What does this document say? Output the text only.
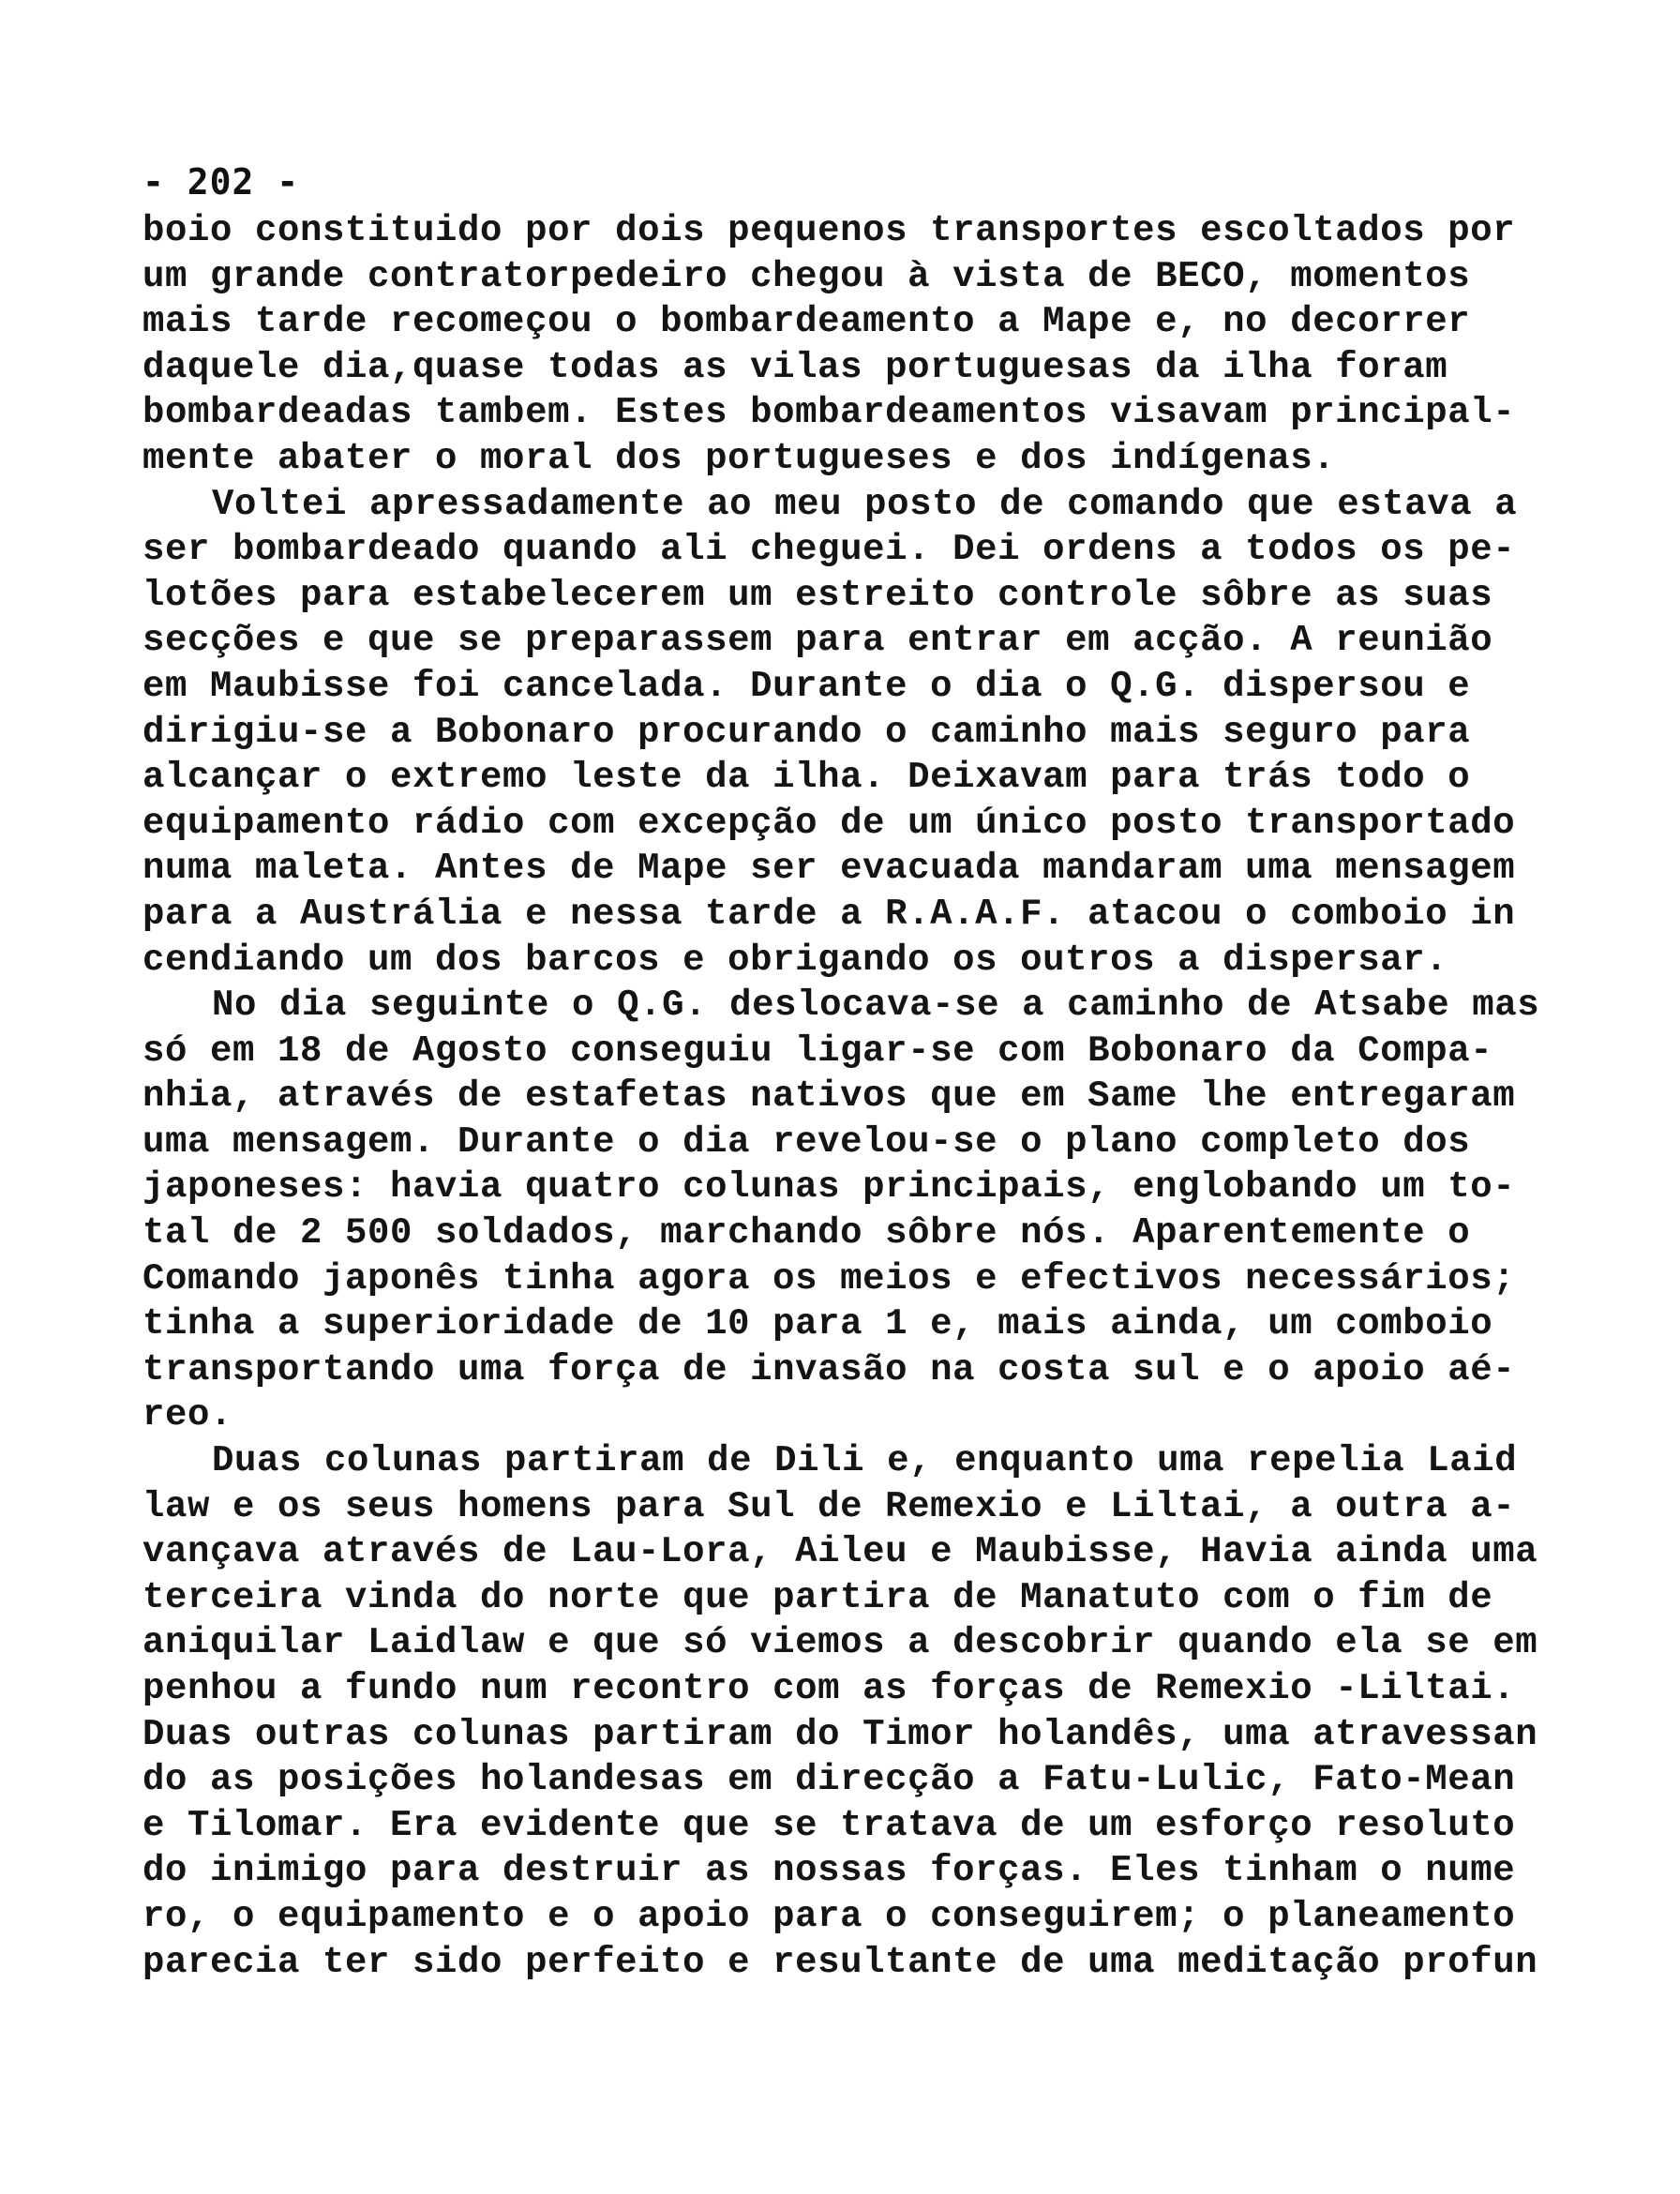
- 202 -
boio constituido por dois pequenos transportes escoltados por
um grande contratorpedeiro chegou à vista de BECO, momentos
mais tarde recomeçou o bombardeamento a Mape e, no decorrer
daquele dia,quase todas as vilas portuguesas da ilha foram
bombardeadas tambem. Estes bombardeamentos visavam principal-
mente abater o moral dos portugueses e dos indígenas.
Voltei apressadamente ao meu posto de comando que estava a
ser bombardeado quando ali cheguei. Dei ordens a todos os pe-
lotões para estabelecerem um estreito controle sôbre as suas
secções e que se preparassem para entrar em acção. A reunião
em Maubisse foi cancelada. Durante o dia o Q.G. dispersou e
dirigiu-se a Bobonaro procurando o caminho mais seguro para
alcançar o extremo leste da ilha. Deixavam para trás todo o
equipamento rádio com excepção de um único posto transportado
numa maleta. Antes de Mape ser evacuada mandaram uma mensagem
para a Austrália e nessa tarde a R.A.A.F. atacou o comboio in
cendiando um dos barcos e obrigando os outros a dispersar.
No dia seguinte o Q.G. deslocava-se a caminho de Atsabe mas
só em 18 de Agosto conseguiu ligar-se com Bobonaro da Compa-
nhia, através de estafetas nativos que em Same lhe entregaram
uma mensagem. Durante o dia revelou-se o plano completo dos
japoneses: havia quatro colunas principais, englobando um to-
tal de 2 500 soldados, marchando sôbre nós. Aparentemente o
Comando japonês tinha agora os meios e efectivos necessários;
tinha a superioridade de 10 para 1 e, mais ainda, um comboio
transportando uma força de invasão na costa sul e o apoio aé-
reo.
Duas colunas partiram de Dili e, enquanto uma repelia Laid
law e os seus homens para Sul de Remexio e Liltai, a outra a-
vançava através de Lau-Lora, Aileu e Maubisse, Havia ainda uma
terceira vinda do norte que partira de Manatuto com o fim de
aniquilar Laidlaw e que só viemos a descobrir quando ela se em
penhou a fundo num recontro com as forças de Remexio -Liltai.
Duas outras colunas partiram do Timor holandês, uma atravessan
do as posições holandesas em direcção a Fatu-Lulic, Fato-Mean
e Tilomar. Era evidente que se tratava de um esforço resoluto
do inimigo para destruir as nossas forças. Eles tinham o nume
ro, o equipamento e o apoio para o conseguirem; o planeamento
parecia ter sido perfeito e resultante de uma meditação profun
